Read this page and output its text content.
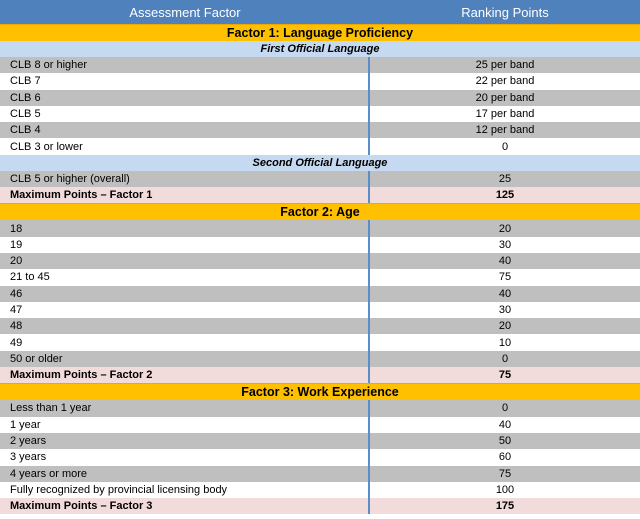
Assessment Factor	Ranking Points
Factor 1: Language Proficiency
First Official Language
CLB 8 or higher	25 per band
CLB 7	22 per band
CLB 6	20 per band
CLB 5	17 per band
CLB 4	12 per band
CLB 3 or lower	0
Second Official Language
CLB 5 or higher (overall)	25
Maximum Points – Factor 1	125
Factor 2: Age
18	20
19	30
20	40
21 to 45	75
46	40
47	30
48	20
49	10
50 or older	0
Maximum Points – Factor 2	75
Factor 3: Work Experience
Less than 1 year	0
1 year	40
2 years	50
3 years	60
4 years or more	75
Fully recognized by provincial licensing body	100
Maximum Points – Factor 3	175
